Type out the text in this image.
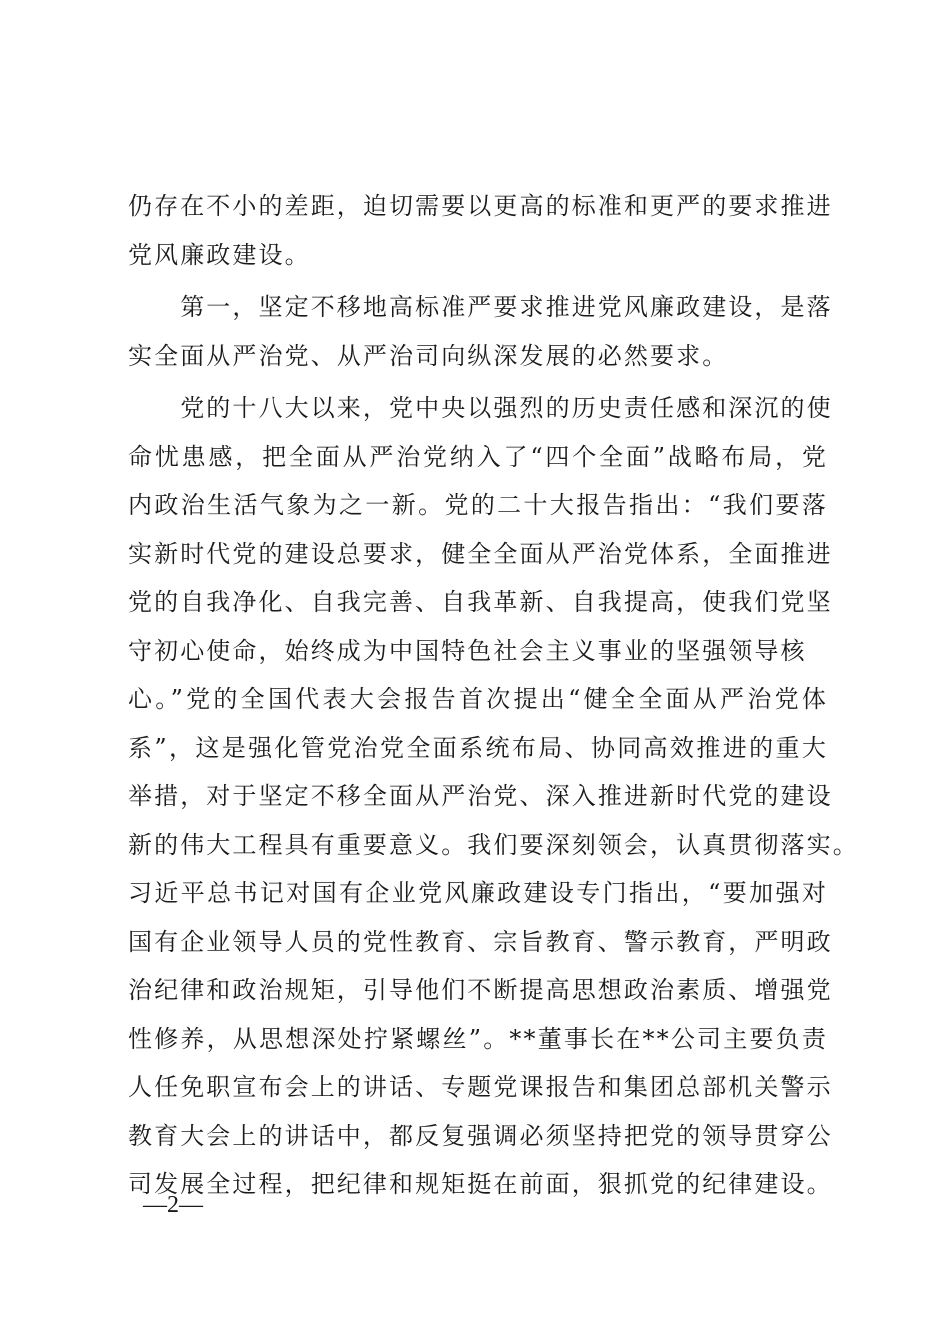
仍存在不小的差距，迫切需要以更高的标准和更严的要求推进
党风廉政建设。
　　第一，坚定不移地高标准严要求推进党风廉政建设，是落
实全面从严治党、从严治司向纵深发展的必然要求。
　　党的十八大以来，党中央以强烈的历史责任感和深沉的使
命忧患感，把全面从严治党纳入了“四个全面”战略布局，党
内政治生活气象为之一新。党的二十大报告指出：“我们要落
实新时代党的建设总要求，健全全面从严治党体系，全面推进
党的自我净化、自我完善、自我革新、自我提高，使我们党坚
守初心使命，始终成为中国特色社会主义事业的坚强领导核
心。”党的全国代表大会报告首次提出“健全全面从严治党体
系”，这是强化管党治党全面系统布局、协同高效推进的重大
举措，对于坚定不移全面从严治党、深入推进新时代党的建设
新的伟大工程具有重要意义。我们要深刻领会，认真贯彻落实。
习近平总书记对国有企业党风廉政建设专门指出，“要加强对
国有企业领导人员的党性教育、宗旨教育、警示教育，严明政
治纪律和政治规矩，引导他们不断提高思想政治素质、增强党
性修养，从思想深处拧紧螺丝”。**董事长在**公司主要负责
人任免职宣布会上的讲话、专题党课报告和集团总部机关警示
教育大会上的讲话中，都反复强调必须坚持把党的领导贯穿公
司发展全过程，把纪律和规矩挺在前面，狠抓党的纪律建设。
—2—
